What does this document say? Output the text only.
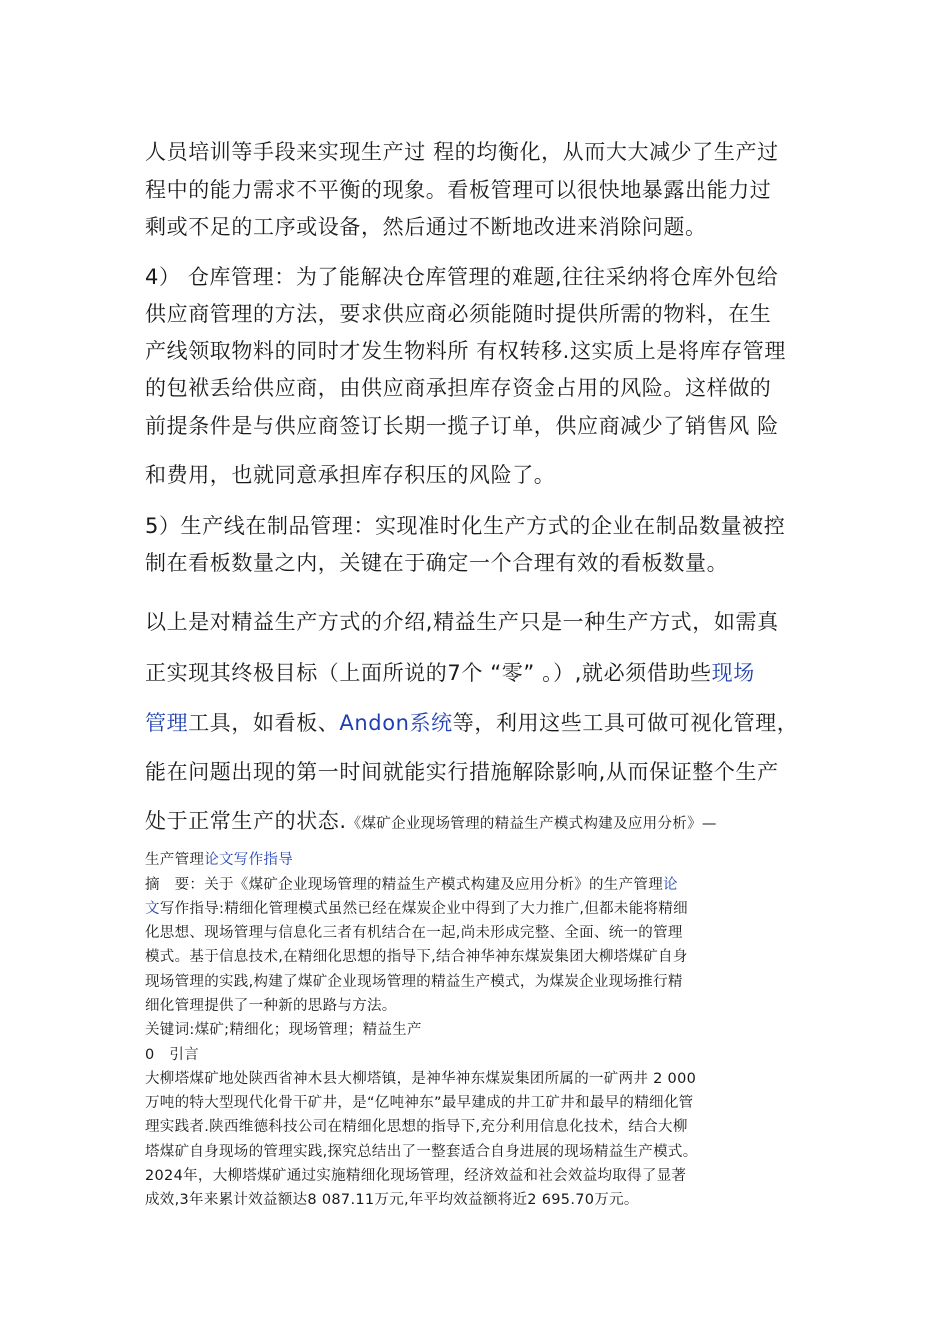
人员培训等手段来实现生产过 程的均衡化，从而大大减少了生产过
程中的能力需求不平衡的现象。看板管理可以很快地暴露出能力过
剩或不足的工序或设备，然后通过不断地改进来消除问题。
4） 仓库管理：为了能解决仓库管理的难题,往往采纳将仓库外包给
供应商管理的方法，要求供应商必须能随时提供所需的物料，在生
产线领取物料的同时才发生物料所 有权转移.这实质上是将库存管理
的包袱丢给供应商，由供应商承担库存资金占用的风险。这样做的
前提条件是与供应商签订长期一揽子订单，供应商减少了销售风 险
和费用，也就同意承担库存积压的风险了。
5）生产线在制品管理：实现准时化生产方式的企业在制品数量被控
制在看板数量之内，关键在于确定一个合理有效的看板数量。
以上是对精益生产方式的介绍,精益生产只是一种生产方式，如需真
正实现其终极目标（上面所说的7个 “零” 。）,就必须借助些现场
管理工具，如看板、Andon系统等，利用这些工具可做可视化管理，
能在问题出现的第一时间就能实行措施解除影响,从而保证整个生产
处于正常生产的状态.《煤矿企业现场管理的精益生产模式构建及应用分析》—
生产管理论文写作指导
摘　要：关于《煤矿企业现场管理的精益生产模式构建及应用分析》的生产管理论
文写作指导:精细化管理模式虽然已经在煤炭企业中得到了大力推广,但都未能将精细
化思想、现场管理与信息化三者有机结合在一起,尚未形成完整、全面、统一的管理
模式。基于信息技术,在精细化思想的指导下,结合神华神东煤炭集团大柳塔煤矿自身
现场管理的实践,构建了煤矿企业现场管理的精益生产模式，为煤炭企业现场推行精
细化管理提供了一种新的思路与方法。
关键词:煤矿;精细化；现场管理；精益生产
0　引言
大柳塔煤矿地处陕西省神木县大柳塔镇，是神华神东煤炭集团所属的一矿两井 2 000
万吨的特大型现代化骨干矿井，是“亿吨神东”最早建成的井工矿井和最早的精细化管
理实践者.陕西维德科技公司在精细化思想的指导下,充分利用信息化技术，结合大柳
塔煤矿自身现场的管理实践,探究总结出了一整套适合自身进展的现场精益生产模式。
2024年，大柳塔煤矿通过实施精细化现场管理，经济效益和社会效益均取得了显著
成效,3年来累计效益额达8 087.11万元,年平均效益额将近2 695.70万元。
